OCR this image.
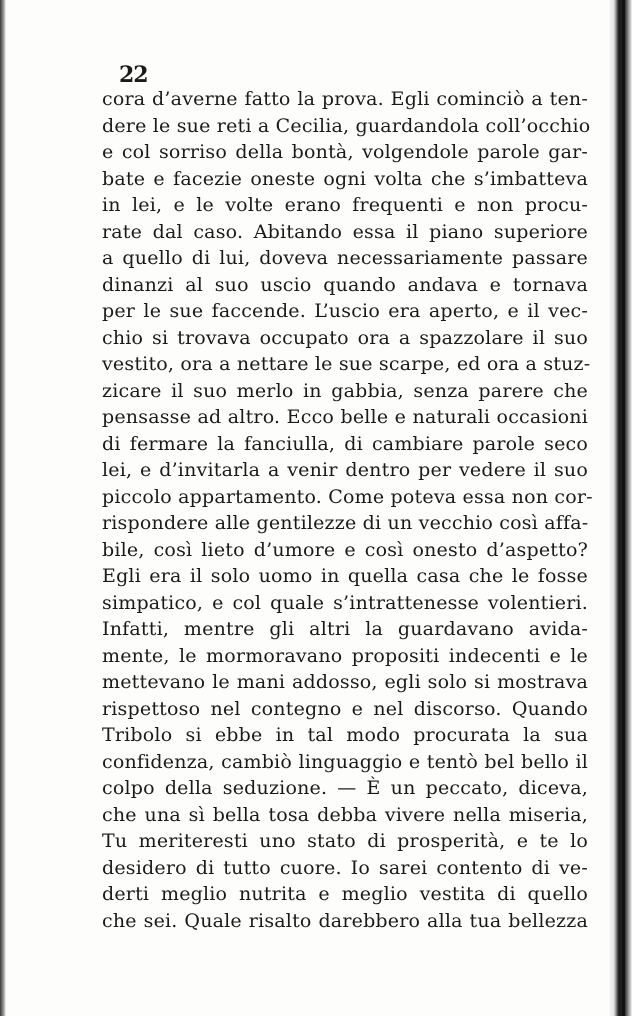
22
cora d’averne fatto la prova. Egli cominciò a ten-
dere le sue reti a Cecilia, guardandola coll’occhio
e col sorriso della bontà, volgendole parole gar-
bate e facezie oneste ogni volta che s’imbatteva
in lei, e le volte erano frequenti e non procu-
rate dal caso. Abitando essa il piano superiore
a quello di lui, doveva necessariamente passare
dinanzi al suo uscio quando andava e tornava
per le sue faccende. L’uscio era aperto, e il vec-
chio si trovava occupato ora a spazzolare il suo
vestito, ora a nettare le sue scarpe, ed ora a stuz-
zicare il suo merlo in gabbia, senza parere che
pensasse ad altro. Ecco belle e naturali occasioni
di fermare la fanciulla, di cambiare parole seco
lei, e d’invitarla a venir dentro per vedere il suo
piccolo appartamento. Come poteva essa non cor-
rispondere alle gentilezze di un vecchio così affa-
bile, così lieto d’umore e così onesto d’aspetto?
Egli era il solo uomo in quella casa che le fosse
simpatico, e col quale s’intrattenesse volentieri.
Infatti, mentre gli altri la guardavano avida-
mente, le mormoravano propositi indecenti e le
mettevano le mani addosso, egli solo si mostrava
rispettoso nel contegno e nel discorso. Quando
Tribolo si ebbe in tal modo procurata la sua
confidenza, cambiò linguaggio e tentò bel bello il
colpo della seduzione. — È un peccato, diceva,
che una sì bella tosa debba vivere nella miseria,
Tu meriteresti uno stato di prosperità, e te lo
desidero di tutto cuore. Io sarei contento di ve-
derti meglio nutrita e meglio vestita di quello
che sei. Quale risalto darebbero alla tua bellezza
